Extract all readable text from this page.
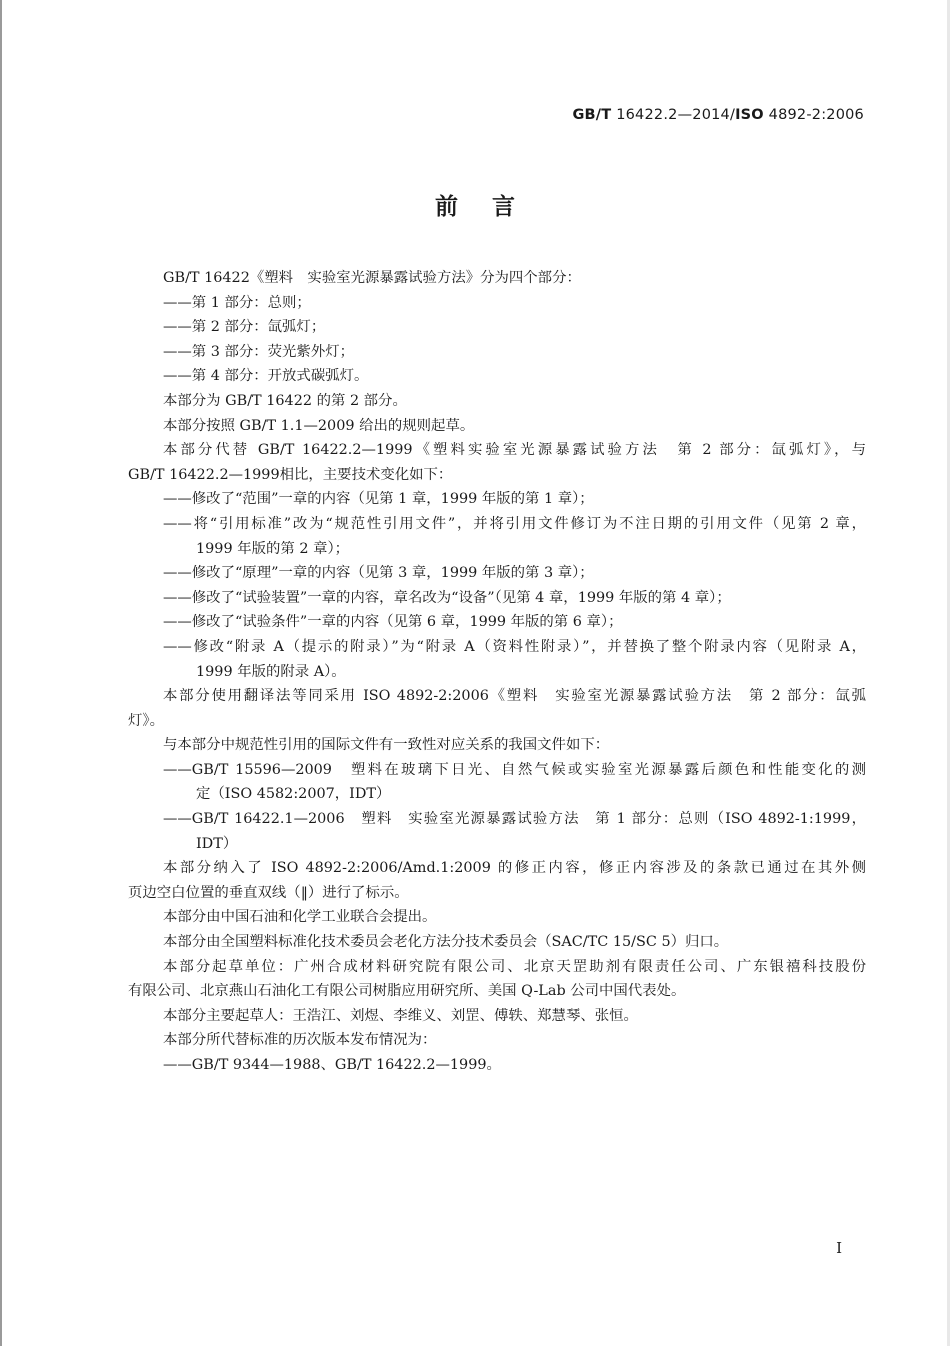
GB/T 16422.2—2014/ISO 4892-2:2006
前言
GB/T 16422《塑料　实验室光源暴露试验方法》分为四个部分：
——第 1 部分：总则；
——第 2 部分：氙弧灯；
——第 3 部分：荧光紫外灯；
——第 4 部分：开放式碳弧灯。
本部分为 GB/T 16422 的第 2 部分。
本部分按照 GB/T 1.1—2009 给出的规则起草。
本部分代替 GB/T 16422.2—1999《塑料实验室光源暴露试验方法　第 2 部分：氙弧灯》，与
GB/T 16422.2—1999相比，主要技术变化如下：
——修改了“范围”一章的内容（见第 1 章，1999 年版的第 1 章）；
——将“引用标准”改为“规范性引用文件”，并将引用文件修订为不注日期的引用文件（见第 2 章，
1999 年版的第 2 章）；
——修改了“原理”一章的内容（见第 3 章，1999 年版的第 3 章）；
——修改了“试验装置”一章的内容，章名改为“设备”（见第 4 章，1999 年版的第 4 章）；
——修改了“试验条件”一章的内容（见第 6 章，1999 年版的第 6 章）；
——修改“附录 A（提示的附录）”为“附录 A（资料性附录）”，并替换了整个附录内容（见附录 A，
1999 年版的附录 A）。
本部分使用翻译法等同采用 ISO 4892-2:2006《塑料　实验室光源暴露试验方法　第 2 部分：氙弧
灯》。
与本部分中规范性引用的国际文件有一致性对应关系的我国文件如下：
——GB/T 15596—2009　塑料在玻璃下日光、自然气候或实验室光源暴露后颜色和性能变化的测
定（ISO 4582:2007，IDT）
——GB/T 16422.1—2006　塑料　实验室光源暴露试验方法　第 1 部分：总则（ISO 4892-1:1999，
IDT）
本部分纳入了 ISO 4892-2:2006/Amd.1:2009 的修正内容，修正内容涉及的条款已通过在其外侧
页边空白位置的垂直双线（‖）进行了标示。
本部分由中国石油和化学工业联合会提出。
本部分由全国塑料标准化技术委员会老化方法分技术委员会（SAC/TC 15/SC 5）归口。
本部分起草单位：广州合成材料研究院有限公司、北京天罡助剂有限责任公司、广东银禧科技股份
有限公司、北京燕山石油化工有限公司树脂应用研究所、美国 Q-Lab 公司中国代表处。
本部分主要起草人：王浩江、刘煜、李维义、刘罡、傅轶、郑慧琴、张恒。
本部分所代替标准的历次版本发布情况为：
——GB/T 9344—1988、GB/T 16422.2—1999。
I
